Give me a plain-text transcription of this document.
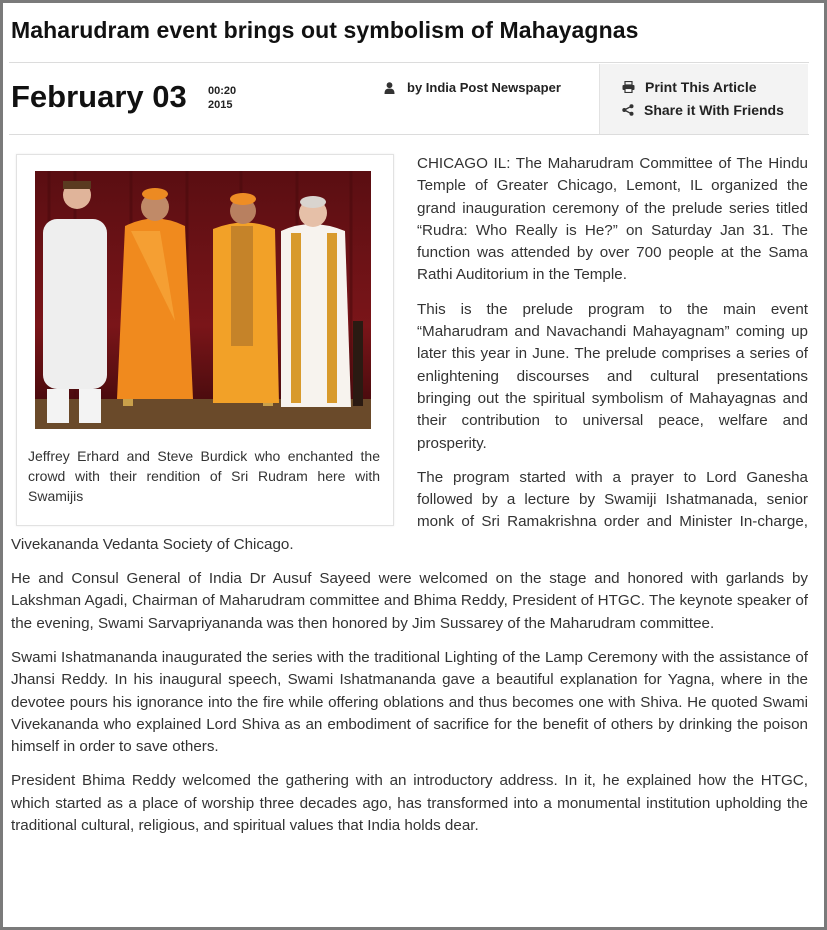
Maharudram event brings out symbolism of Mahayagnas
February 03 00:20
2015
by India Post Newspaper	Print This Article
Share it With Friends

CHICAGO IL: The Maharudram Committee of The Hindu Temple of Greater Chicago, Lemont, IL organized the grand inauguration ceremony of the prelude series titled “Rudra: Who Really is He?” on Saturday Jan 31. The function was attended by over 700 people at the Sama Rathi Auditorium in the Temple.

This is the prelude program to the main event “Maharudram and Navachandi Mahayagnam” coming up later this year in June. The prelude comprises a series of enlightening discourses and cultural presentations bringing out the spiritual symbolism of Mahayagnas and their contribution to universal peace, welfare and prosperity.

The program started with a prayer to Lord Ganesha followed by a lecture by Swamiji Ishatmanada, senior monk of Sri Ramakrishna order and Minister In-charge, Vivekananda Vedanta Society of Chicago.

He and Consul General of India Dr Ausuf Sayeed were welcomed on the stage and honored with garlands by Lakshman Agadi, Chairman of Maharudram committee and Bhima Reddy, President of HTGC. The keynote speaker of the evening, Swami Sarvapriyananda was then honored by Jim Sussarey of the Maharudram committee.

Swami Ishatmananda inaugurated the series with the traditional Lighting of the Lamp Ceremony with the assistance of Jhansi Reddy. In his inaugural speech, Swami Ishatmananda gave a beautiful explanation for Yagna, where in the devotee pours his ignorance into the fire while offering oblations and thus becomes one with Shiva. He quoted Swami Vivekananda who explained Lord Shiva as an embodiment of sacrifice for the benefit of others by drinking the poison himself in order to save others.

President Bhima Reddy welcomed the gathering with an introductory address. In it, he explained how the HTGC, which started as a place of worship three decades ago, has transformed into a monumental institution upholding the traditional cultural, religious, and spiritual values that India holds dear.

Jeffrey Erhard and Steve Burdick who enchanted the crowd with their rendition of Sri Rudram here with Swamijis
